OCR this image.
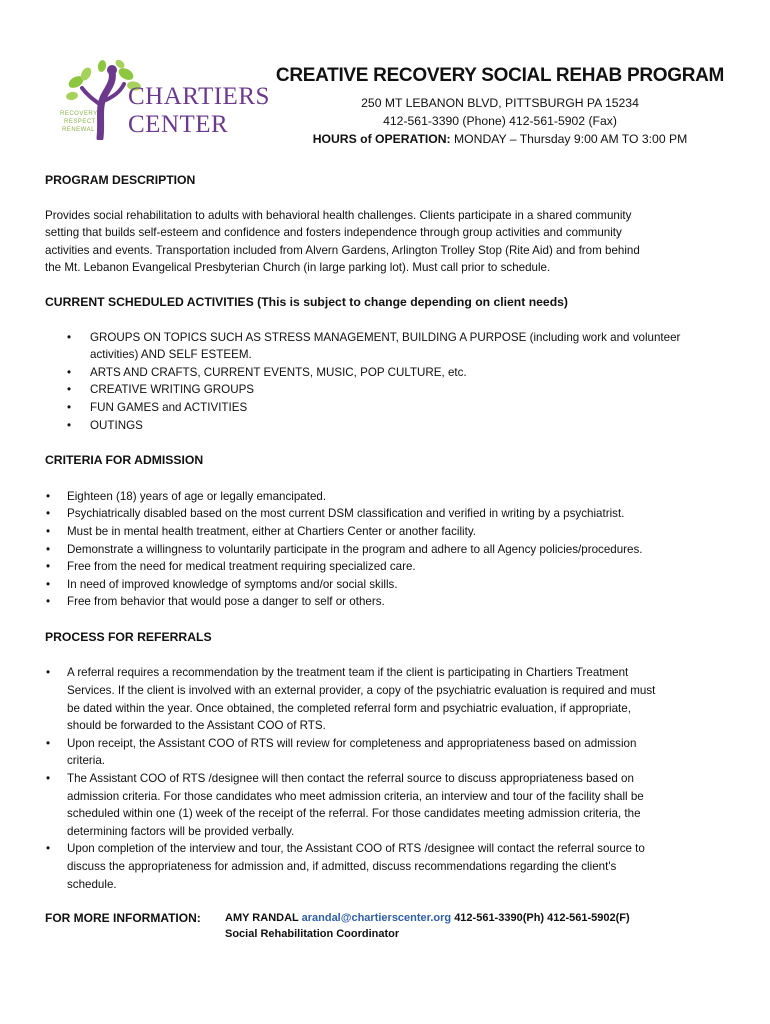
RECOVERY
RESPECT
RENEWAL
CHARTIERS
CENTER
CREATIVE RECOVERY SOCIAL REHAB PROGRAM
250 MT LEBANON BLVD, PITTSBURGH PA 15234
412-561-3390 (Phone) 412-561-5902 (Fax)
HOURS of OPERATION: MONDAY – Thursday 9:00 AM TO 3:00 PM
PROGRAM DESCRIPTION
Provides social rehabilitation to adults with behavioral health challenges. Clients participate in a shared community
setting that builds self-esteem and confidence and fosters independence through group activities and community
activities and events. Transportation included from Alvern Gardens, Arlington Trolley Stop (Rite Aid) and from behind
the Mt. Lebanon Evangelical Presbyterian Church (in large parking lot). Must call prior to schedule.
CURRENT SCHEDULED ACTIVITIES (This is subject to change depending on client needs)
• GROUPS ON TOPICS SUCH AS STRESS MANAGEMENT, BUILDING A PURPOSE (including work and volunteer
activities) AND SELF ESTEEM.
• ARTS AND CRAFTS, CURRENT EVENTS, MUSIC, POP CULTURE, etc.
• CREATIVE WRITING GROUPS
• FUN GAMES and ACTIVITIES
• OUTINGS
CRITERIA FOR ADMISSION
• Eighteen (18) years of age or legally emancipated.
• Psychiatrically disabled based on the most current DSM classification and verified in writing by a psychiatrist.
• Must be in mental health treatment, either at Chartiers Center or another facility.
• Demonstrate a willingness to voluntarily participate in the program and adhere to all Agency policies/procedures.
• Free from the need for medical treatment requiring specialized care.
• In need of improved knowledge of symptoms and/or social skills.
• Free from behavior that would pose a danger to self or others.
PROCESS FOR REFERRALS
• A referral requires a recommendation by the treatment team if the client is participating in Chartiers Treatment
Services. If the client is involved with an external provider, a copy of the psychiatric evaluation is required and must
be dated within the year. Once obtained, the completed referral form and psychiatric evaluation, if appropriate,
should be forwarded to the Assistant COO of RTS.
• Upon receipt, the Assistant COO of RTS will review for completeness and appropriateness based on admission
criteria.
• The Assistant COO of RTS /designee will then contact the referral source to discuss appropriateness based on
admission criteria. For those candidates who meet admission criteria, an interview and tour of the facility shall be
scheduled within one (1) week of the receipt of the referral. For those candidates meeting admission criteria, the
determining factors will be provided verbally.
• Upon completion of the interview and tour, the Assistant COO of RTS /designee will contact the referral source to
discuss the appropriateness for admission and, if admitted, discuss recommendations regarding the client's
schedule.
FOR MORE INFORMATION: AMY RANDAL arandal@chartierscenter.org 412-561-3390(Ph) 412-561-5902(F)
Social Rehabilitation Coordinator
